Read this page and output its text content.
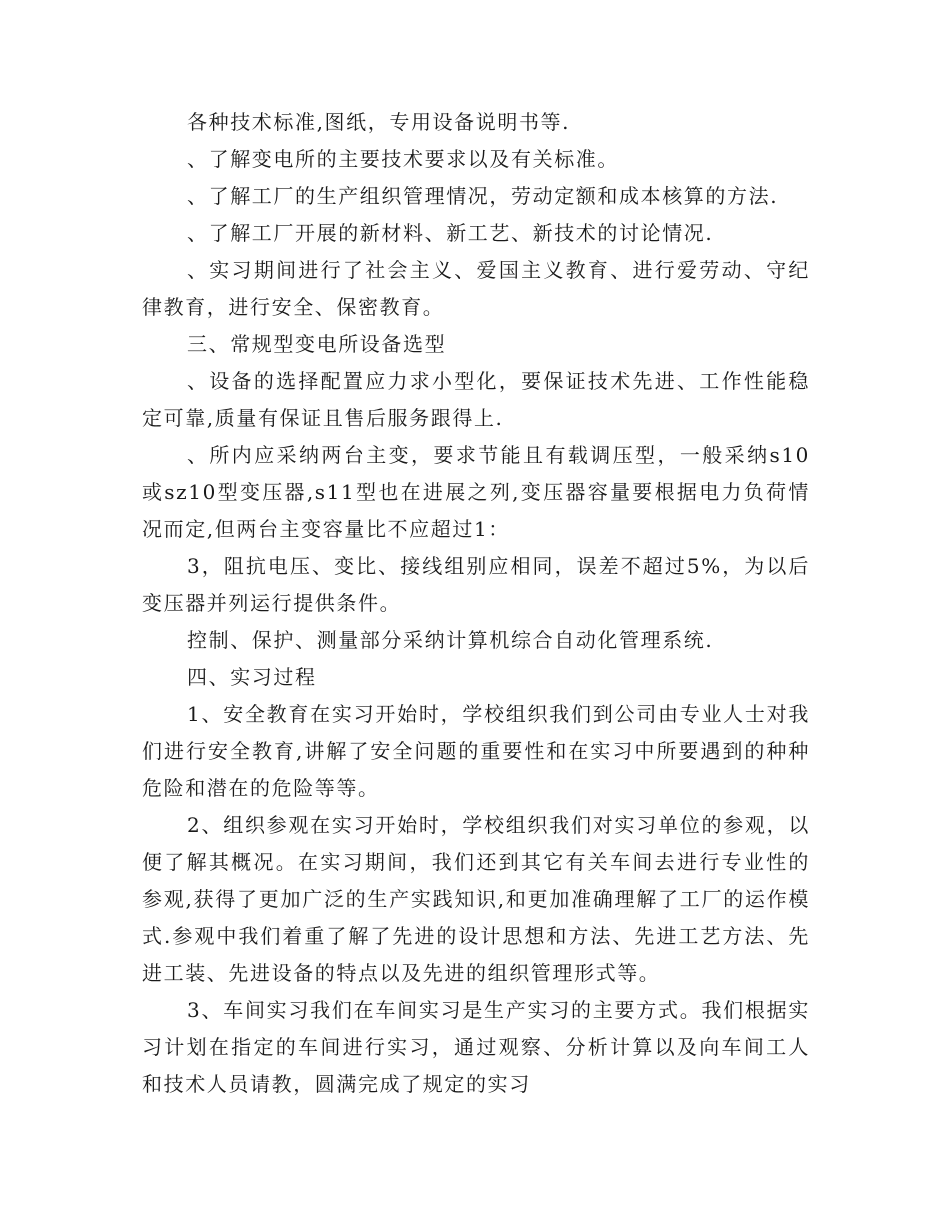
各种技术标准,图纸，专用设备说明书等.

、了解变电所的主要技术要求以及有关标准。

、了解工厂的生产组织管理情况，劳动定额和成本核算的方法.

、了解工厂开展的新材料、新工艺、新技术的讨论情况.

、实习期间进行了社会主义、爱国主义教育、进行爱劳动、守纪律教育，进行安全、保密教育。

三、常规型变电所设备选型

、设备的选择配置应力求小型化，要保证技术先进、工作性能稳定可靠,质量有保证且售后服务跟得上.

、所内应采纳两台主变，要求节能且有载调压型，一般采纳s10或sz10型变压器,s11型也在进展之列,变压器容量要根据电力负荷情况而定,但两台主变容量比不应超过1：

3，阻抗电压、变比、接线组别应相同，误差不超过5%，为以后变压器并列运行提供条件。

控制、保护、测量部分采纳计算机综合自动化管理系统.

四、实习过程

1、安全教育在实习开始时，学校组织我们到公司由专业人士对我们进行安全教育,讲解了安全问题的重要性和在实习中所要遇到的种种危险和潜在的危险等等。

2、组织参观在实习开始时，学校组织我们对实习单位的参观，以便了解其概况。在实习期间，我们还到其它有关车间去进行专业性的参观,获得了更加广泛的生产实践知识,和更加准确理解了工厂的运作模式.参观中我们着重了解了先进的设计思想和方法、先进工艺方法、先进工装、先进设备的特点以及先进的组织管理形式等。

3、车间实习我们在车间实习是生产实习的主要方式。我们根据实习计划在指定的车间进行实习，通过观察、分析计算以及向车间工人和技术人员请教，圆满完成了规定的实习
